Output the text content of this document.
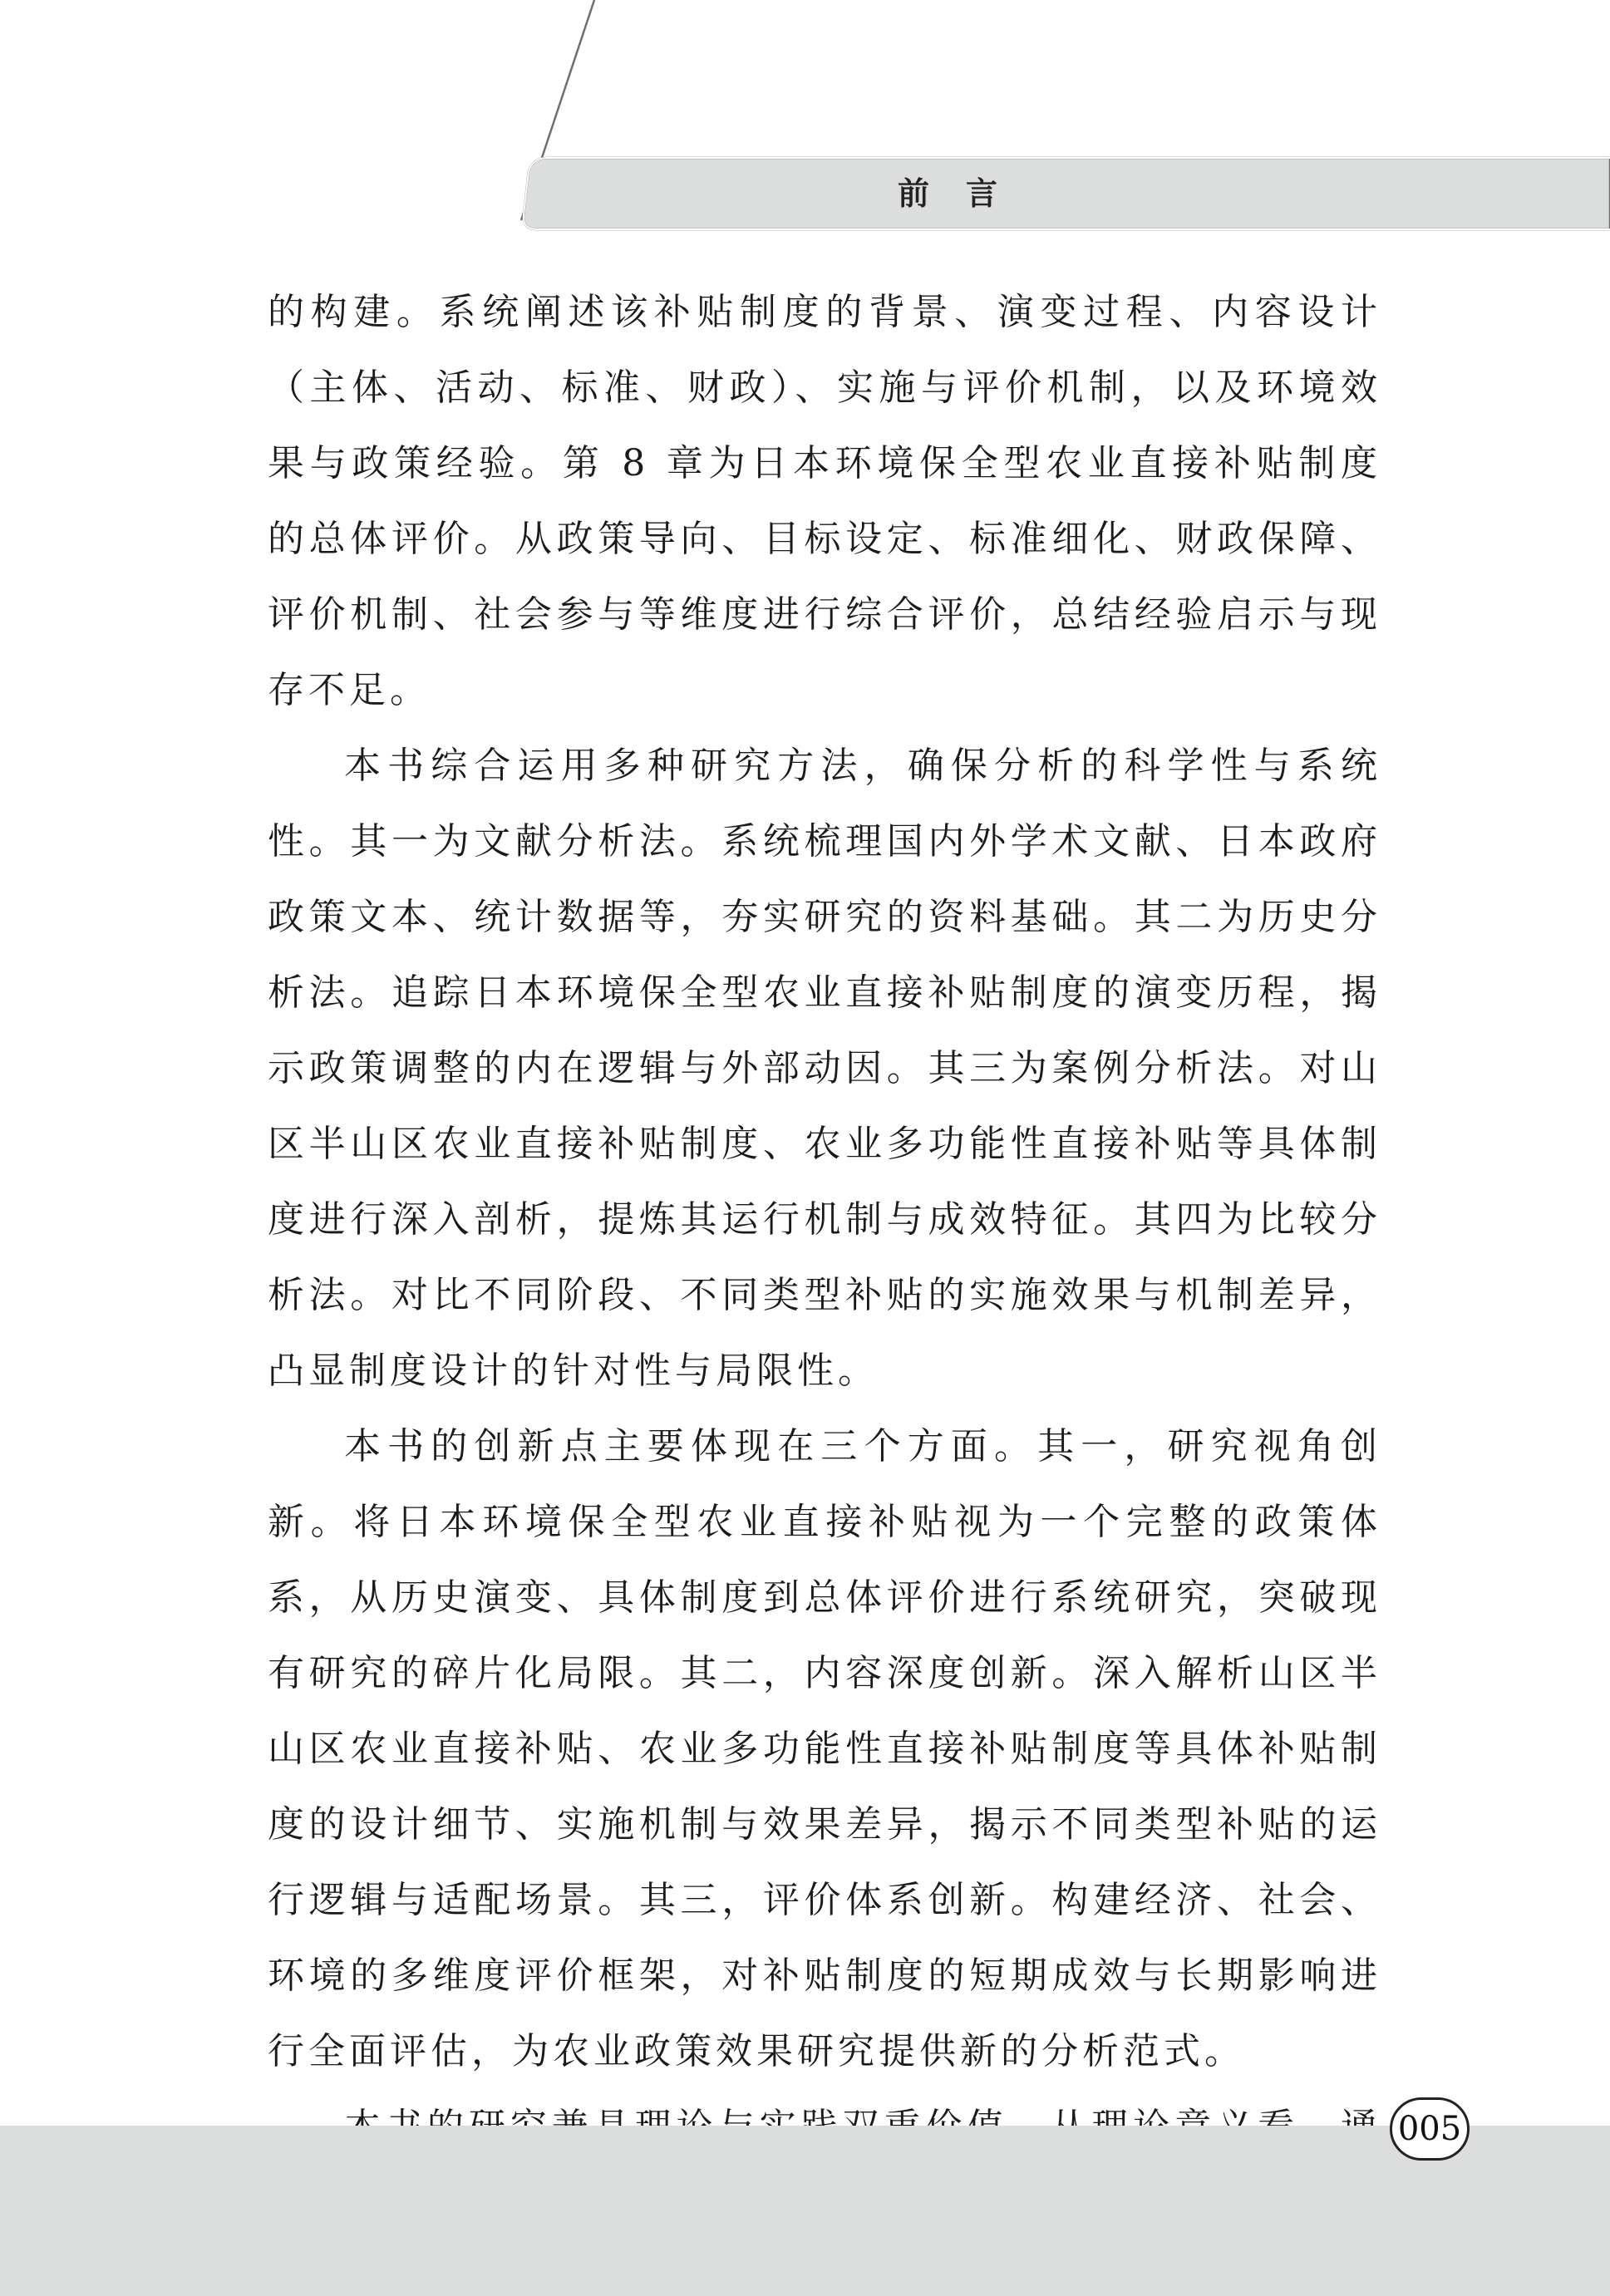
前言

的构建。系统阐述该补贴制度的背景、演变过程、内容设计（主体、活动、标准、财政）、实施与评价机制，以及环境效果与政策经验。第 8 章为日本环境保全型农业直接补贴制度的总体评价。从政策导向、目标设定、标准细化、财政保障、评价机制、社会参与等维度进行综合评价，总结经验启示与现存不足。

本书综合运用多种研究方法，确保分析的科学性与系统性。其一为文献分析法。系统梳理国内外学术文献、日本政府政策文本、统计数据等，夯实研究的资料基础。其二为历史分析法。追踪日本环境保全型农业直接补贴制度的演变历程，揭示政策调整的内在逻辑与外部动因。其三为案例分析法。对山区半山区农业直接补贴制度、农业多功能性直接补贴等具体制度进行深入剖析，提炼其运行机制与成效特征。其四为比较分析法。对比不同阶段、不同类型补贴的实施效果与机制差异，凸显制度设计的针对性与局限性。

本书的创新点主要体现在三个方面。其一，研究视角创新。将日本环境保全型农业直接补贴视为一个完整的政策体系，从历史演变、具体制度到总体评价进行系统研究，突破现有研究的碎片化局限。其二，内容深度创新。深入解析山区半山区农业直接补贴、农业多功能性直接补贴制度等具体补贴制度的设计细节、实施机制与效果差异，揭示不同类型补贴的运行逻辑与适配场景。其三，评价体系创新。构建经济、社会、环境的多维度评价框架，对补贴制度的短期成效与长期影响进行全面评估，为农业政策效果研究提供新的分析范式。

005
